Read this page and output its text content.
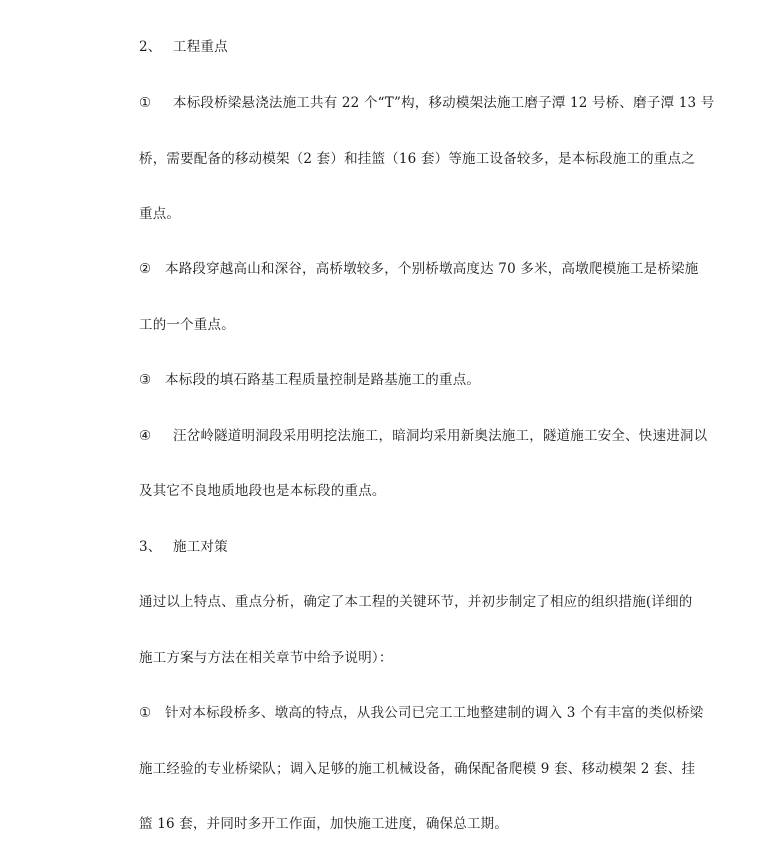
2、 工程重点
① 本标段桥梁悬浇法施工共有 22 个“T”构，移动模架法施工磨子潭 12 号桥、磨子潭 13 号
桥，需要配备的移动模架（2 套）和挂篮（16 套）等施工设备较多，是本标段施工的重点之
重点。
② 本路段穿越高山和深谷，高桥墩较多，个别桥墩高度达 70 多米，高墩爬模施工是桥梁施
工的一个重点。
③ 本标段的填石路基工程质量控制是路基施工的重点。
④ 汪岔岭隧道明洞段采用明挖法施工，暗洞均采用新奥法施工，隧道施工安全、快速进洞以
及其它不良地质地段也是本标段的重点。
3、 施工对策
通过以上特点、重点分析，确定了本工程的关键环节，并初步制定了相应的组织措施(详细的
施工方案与方法在相关章节中给予说明）：
① 针对本标段桥多、墩高的特点，从我公司已完工工地整建制的调入 3 个有丰富的类似桥梁
施工经验的专业桥梁队；调入足够的施工机械设备，确保配备爬模 9 套、移动模架 2 套、挂
篮 16 套，并同时多开工作面，加快施工进度，确保总工期。
